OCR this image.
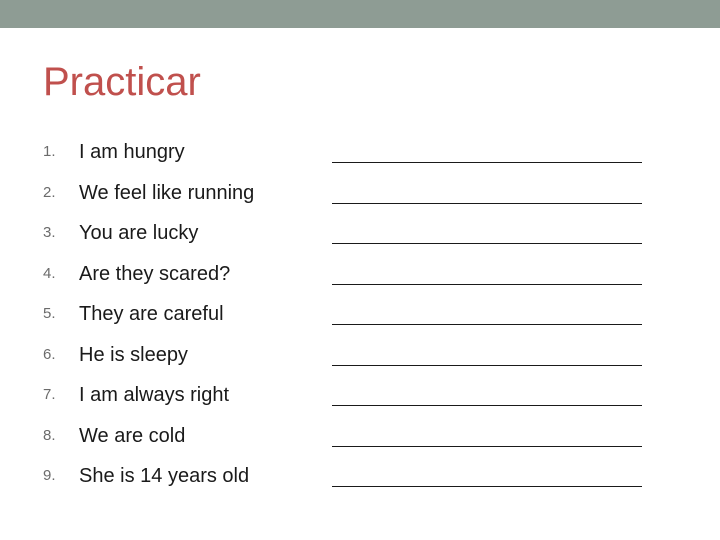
Practicar
1. I am hungry
2. We feel like running
3. You are lucky
4. Are they scared?
5. They are careful
6. He is sleepy
7. I am always right
8. We are cold
9. She is 14 years old
